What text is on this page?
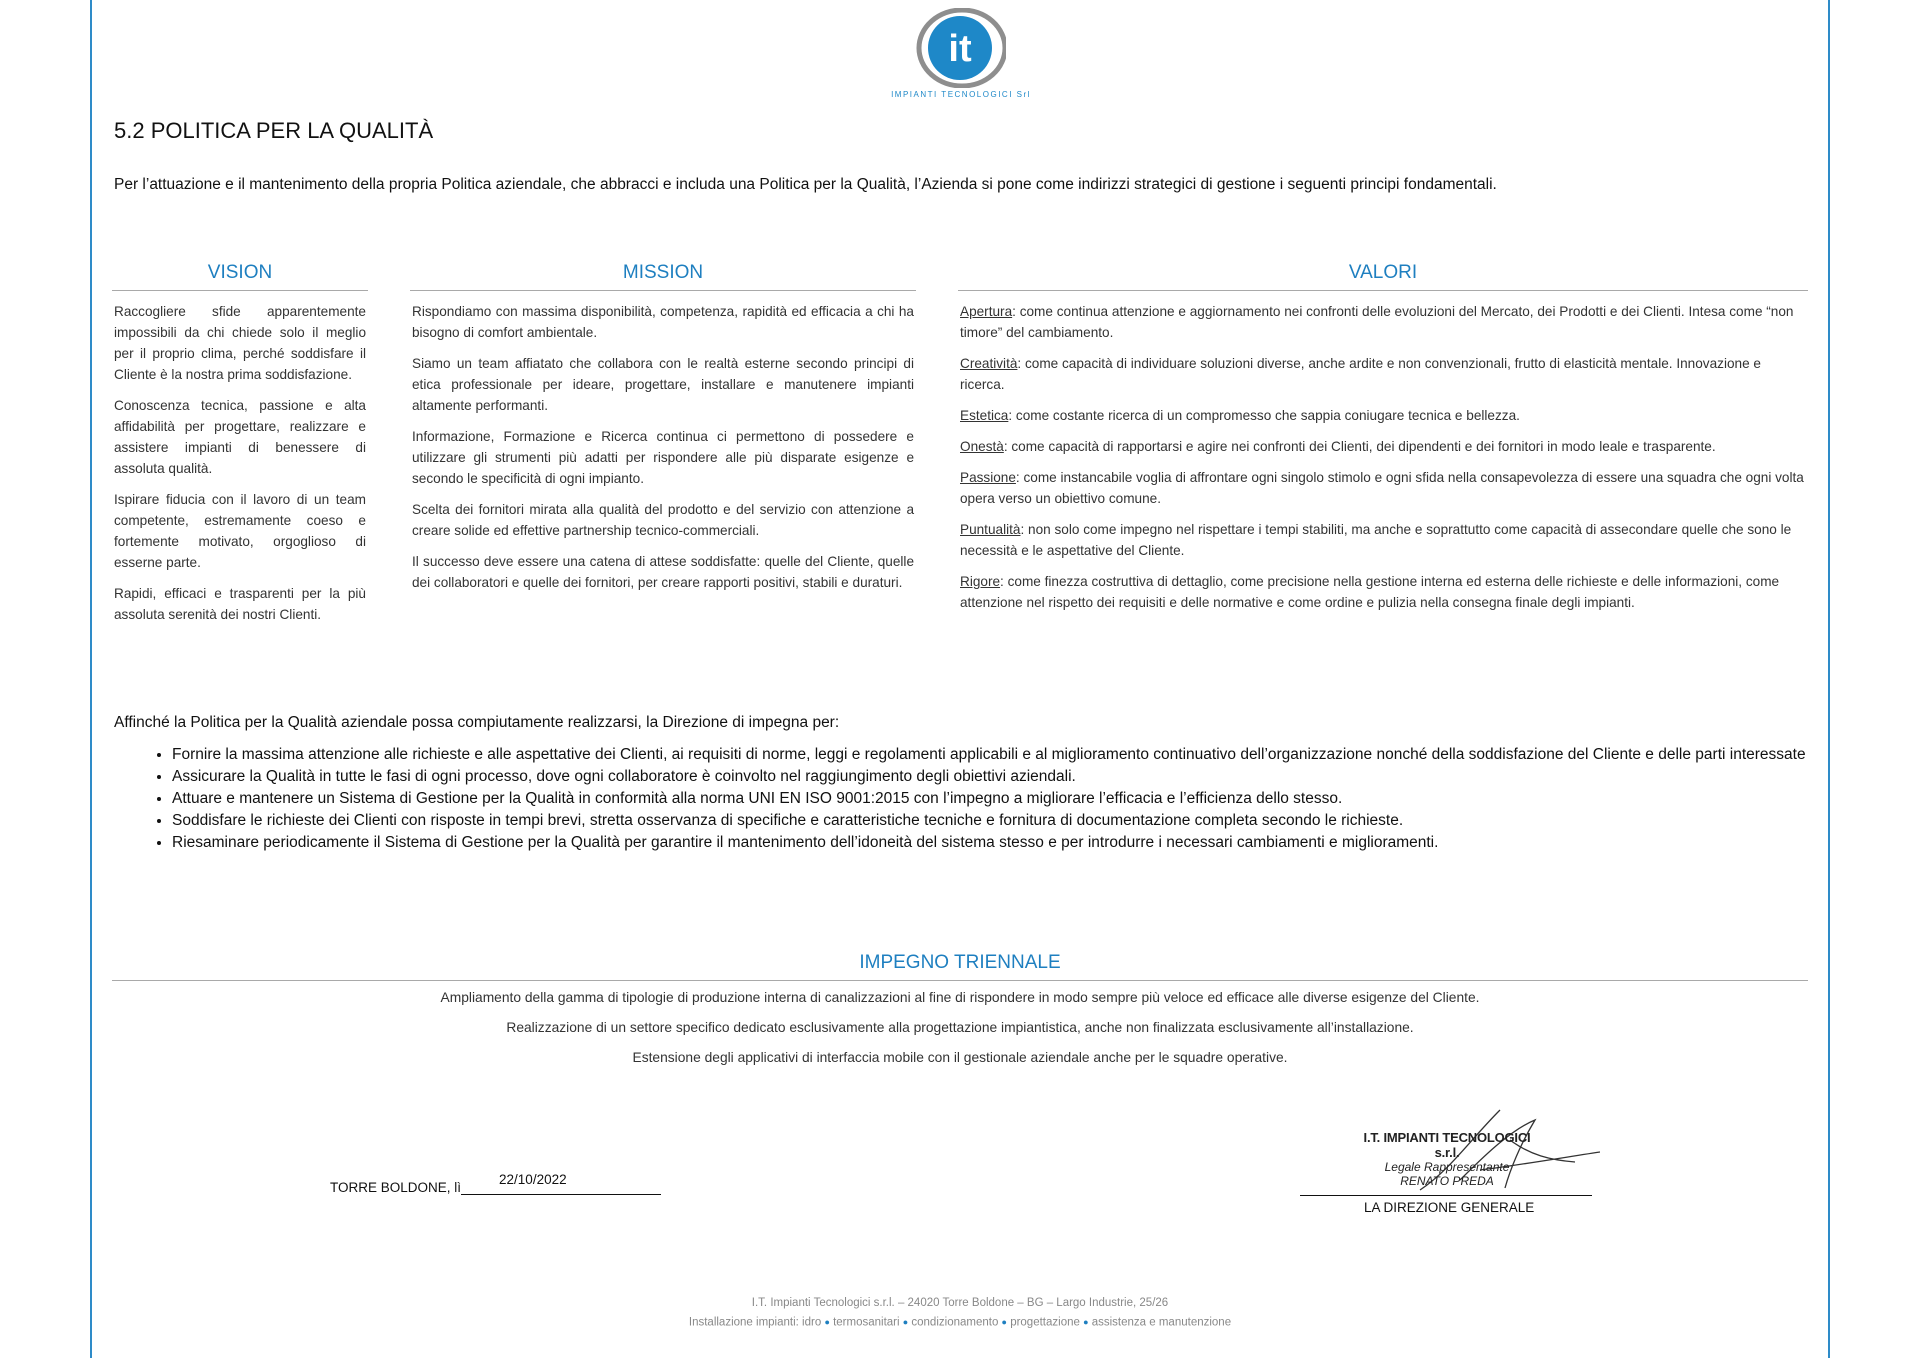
it
IMPIANTI TECNOLOGICI Srl
5.2 POLITICA PER LA QUALITÀ
Per l’attuazione e il mantenimento della propria Politica aziendale, che abbracci e includa una Politica per la Qualità, l’Azienda si pone come indirizzi strategici di gestione i seguenti principi fondamentali.
VISION

Raccogliere sfide apparentemente impossibili da chi chiede solo il meglio per il proprio clima, perché soddisfare il Cliente è la nostra prima soddisfazione.

Conoscenza tecnica, passione e alta affidabilità per progettare, realizzare e assistere impianti di benessere di assoluta qualità.

Ispirare fiducia con il lavoro di un team competente, estremamente coeso e fortemente motivato, orgoglioso di esserne parte.

Rapidi, efficaci e trasparenti per la più assoluta serenità dei nostri Clienti.

MISSION

Rispondiamo con massima disponibilità, competenza, rapidità ed efficacia a chi ha bisogno di comfort ambientale.

Siamo un team affiatato che collabora con le realtà esterne secondo principi di etica professionale per ideare, progettare, installare e manutenere impianti altamente performanti.

Informazione, Formazione e Ricerca continua ci permettono di possedere e utilizzare gli strumenti più adatti per rispondere alle più disparate esigenze e secondo le specificità di ogni impianto.

Scelta dei fornitori mirata alla qualità del prodotto e del servizio con attenzione a creare solide ed effettive partnership tecnico-commerciali.

Il successo deve essere una catena di attese soddisfatte: quelle del Cliente, quelle dei collaboratori e quelle dei fornitori, per creare rapporti positivi, stabili e duraturi.

VALORI

Apertura: come continua attenzione e aggiornamento nei confronti delle evoluzioni del Mercato, dei Prodotti e dei Clienti. Intesa come “non timore” del cambiamento.

Creatività: come capacità di individuare soluzioni diverse, anche ardite e non convenzionali, frutto di elasticità mentale. Innovazione e ricerca.

Estetica: come costante ricerca di un compromesso che sappia coniugare tecnica e bellezza.

Onestà: come capacità di rapportarsi e agire nei confronti dei Clienti, dei dipendenti e dei fornitori in modo leale e trasparente.

Passione: come instancabile voglia di affrontare ogni singolo stimolo e ogni sfida nella consapevolezza di essere una squadra che ogni volta opera verso un obiettivo comune.

Puntualità: non solo come impegno nel rispettare i tempi stabiliti, ma anche e soprattutto come capacità di assecondare quelle che sono le necessità e le aspettative del Cliente.

Rigore: come finezza costruttiva di dettaglio, come precisione nella gestione interna ed esterna delle richieste e delle informazioni, come attenzione nel rispetto dei requisiti e delle normative e come ordine e pulizia nella consegna finale degli impianti.

Affinché la Politica per la Qualità aziendale possa compiutamente realizzarsi, la Direzione di impegna per:
• Fornire la massima attenzione alle richieste e alle aspettative dei Clienti, ai requisiti di norme, leggi e regolamenti applicabili e al miglioramento continuativo dell’organizzazione nonché della soddisfazione del Cliente e delle parti interessate
• Assicurare la Qualità in tutte le fasi di ogni processo, dove ogni collaboratore è coinvolto nel raggiungimento degli obiettivi aziendali.
• Attuare e mantenere un Sistema di Gestione per la Qualità in conformità alla norma UNI EN ISO 9001:2015 con l’impegno a migliorare l’efficacia e l’efficienza dello stesso.
• Soddisfare le richieste dei Clienti con risposte in tempi brevi, stretta osservanza di specifiche e caratteristiche tecniche e fornitura di documentazione completa secondo le richieste.
• Riesaminare periodicamente il Sistema di Gestione per la Qualità per garantire il mantenimento dell’idoneità del sistema stesso e per introdurre i necessari cambiamenti e miglioramenti.
IMPEGNO TRIENNALE

Ampliamento della gamma di tipologie di produzione interna di canalizzazioni al fine di rispondere in modo sempre più veloce ed efficace alle diverse esigenze del Cliente.

Realizzazione di un settore specifico dedicato esclusivamente alla progettazione impiantistica, anche non finalizzata esclusivamente all’installazione.

Estensione degli applicativi di interfaccia mobile con il gestionale aziendale anche per le squadre operative.

TORRE BOLDONE, lì
22/10/2022
I.T. IMPIANTI TECNOLOGICI s.r.l.
Legale Rappresentante
RENATO PREDA
LA DIREZIONE GENERALE
I.T. Impianti Tecnologici s.r.l. – 24020 Torre Boldone – BG – Largo Industrie, 25/26
Installazione impianti: idro ● termosanitari ● condizionamento ● progettazione ● assistenza e manutenzione
